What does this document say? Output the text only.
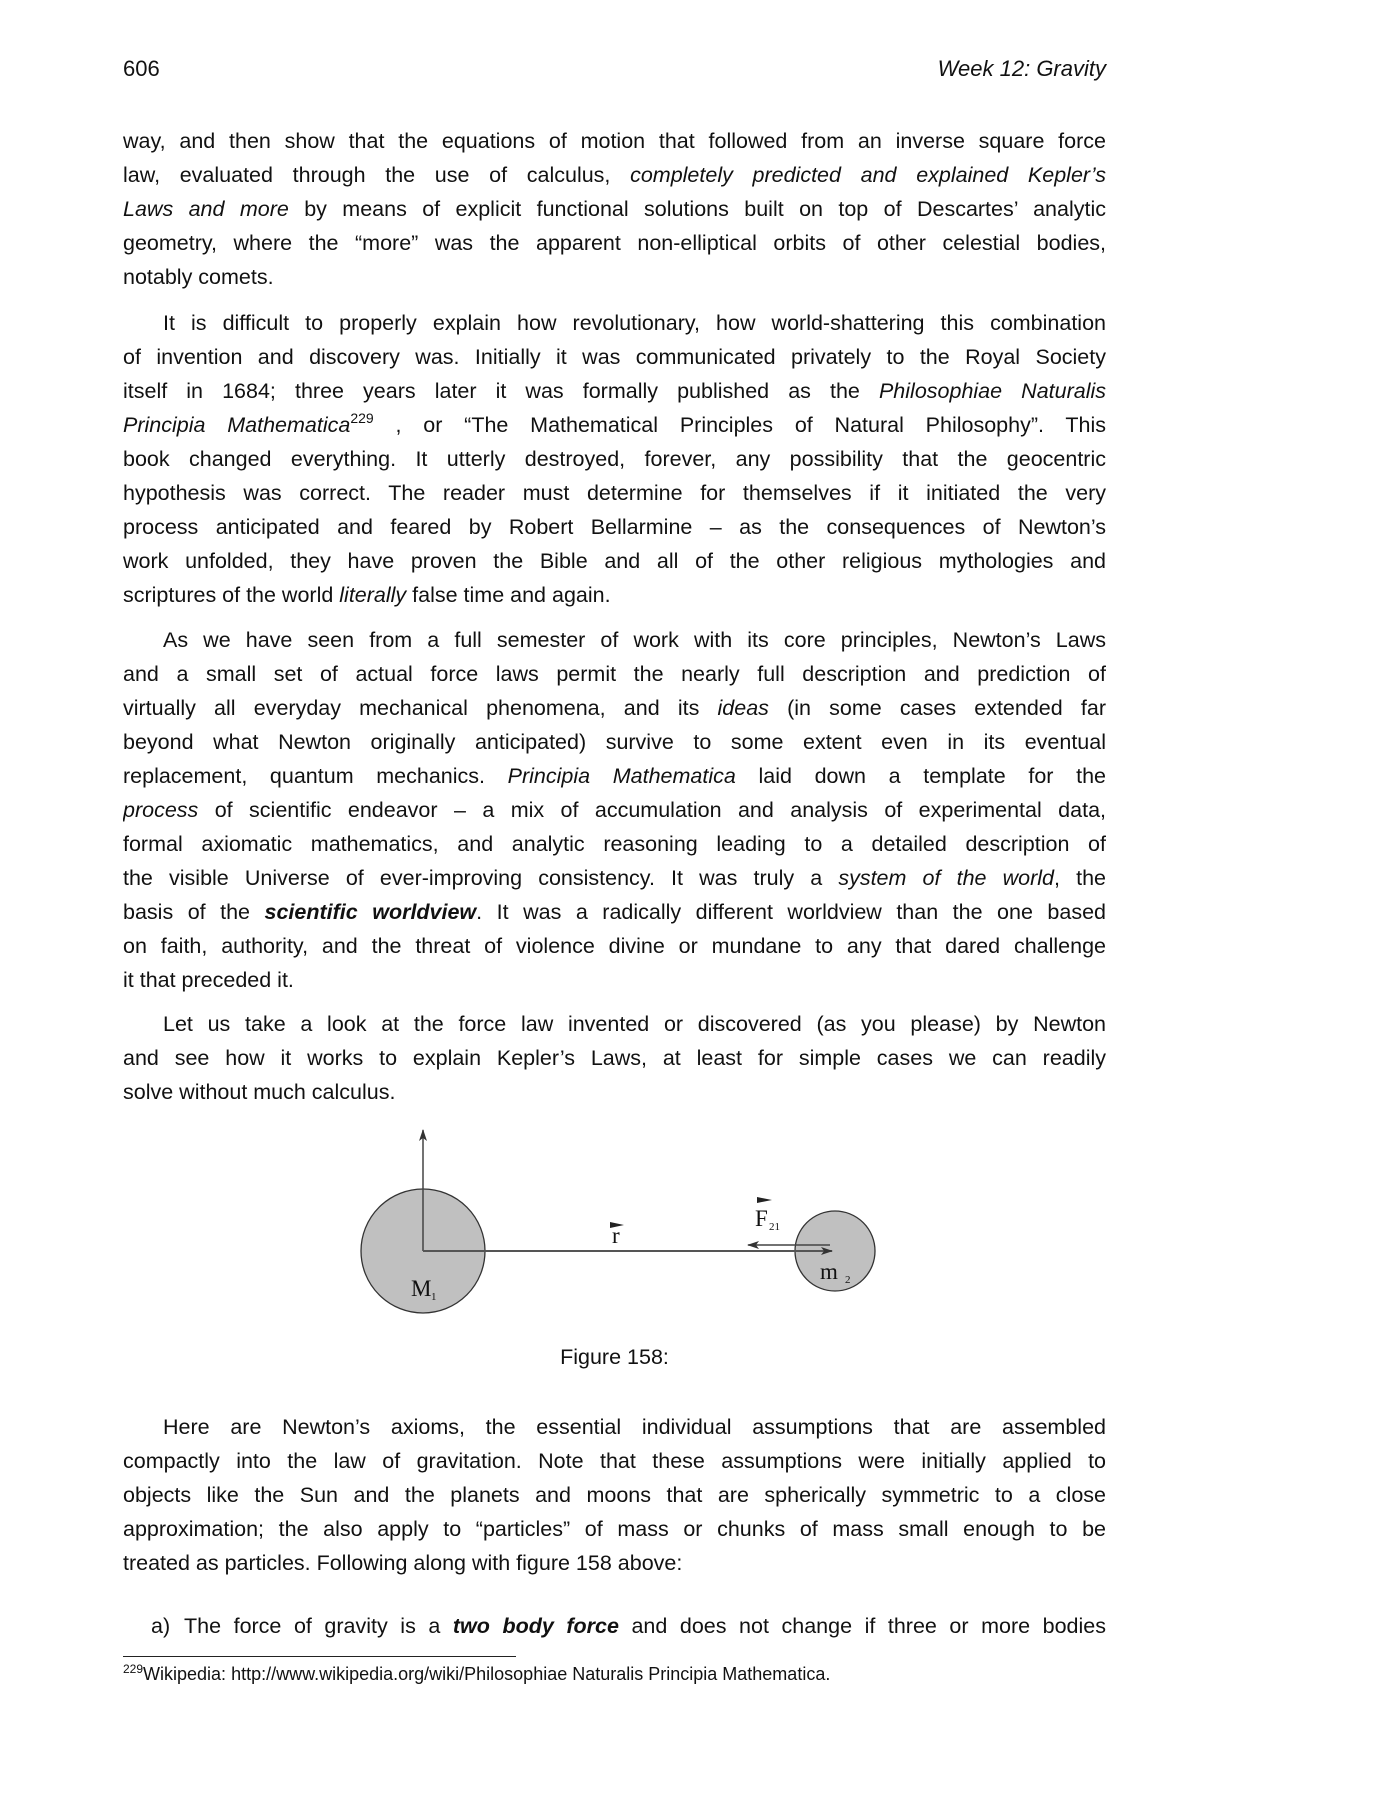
606	Week 12: Gravity
way, and then show that the equations of motion that followed from an inverse square force
law, evaluated through the use of calculus, completely predicted and explained Kepler’s
Laws and more by means of explicit functional solutions built on top of Descartes’ analytic
geometry, where the “more” was the apparent non-elliptical orbits of other celestial bodies,
notably comets.
It is difficult to properly explain how revolutionary, how world-shattering this combination
of invention and discovery was. Initially it was communicated privately to the Royal Society
itself in 1684; three years later it was formally published as the Philosophiae Naturalis
Principia Mathematica$^{229}$ , or “The Mathematical Principles of Natural Philosophy”. This
book changed everything. It utterly destroyed, forever, any possibility that the geocentric
hypothesis was correct. The reader must determine for themselves if it initiated the very
process anticipated and feared by Robert Bellarmine – as the consequences of Newton’s
work unfolded, they have proven the Bible and all of the other religious mythologies and
scriptures of the world literally false time and again.
As we have seen from a full semester of work with its core principles, Newton’s Laws
and a small set of actual force laws permit the nearly full description and prediction of
virtually all everyday mechanical phenomena, and its ideas (in some cases extended far
beyond what Newton originally anticipated) survive to some extent even in its eventual
replacement, quantum mechanics. Principia Mathematica laid down a template for the
process of scientific endeavor – a mix of accumulation and analysis of experimental data,
formal axiomatic mathematics, and analytic reasoning leading to a detailed description of
the visible Universe of ever-improving consistency. It was truly a system of the world, the
basis of the scientific worldview. It was a radically different worldview than the one based
on faith, authority, and the threat of violence divine or mundane to any that dared challenge
it that preceded it.
Let us take a look at the force law invented or discovered (as you please) by Newton
and see how it works to explain Kepler’s Laws, at least for simple cases we can readily
solve without much calculus.
Here are Newton’s axioms, the essential individual assumptions that are assembled
compactly into the law of gravitation. Note that these assumptions were initially applied to
objects like the Sun and the planets and moons that are spherically symmetric to a close
approximation; the also apply to “particles” of mass or chunks of mass small enough to be
treated as particles. Following along with figure 158 above:
r
F 21
M 1
m 2
Figure 158:
a) The force of gravity is a two body force and does not change if three or more bodies
$^{229}$Wikipedia: http://www.wikipedia.org/wiki/Philosophiae Naturalis Principia Mathematica.
